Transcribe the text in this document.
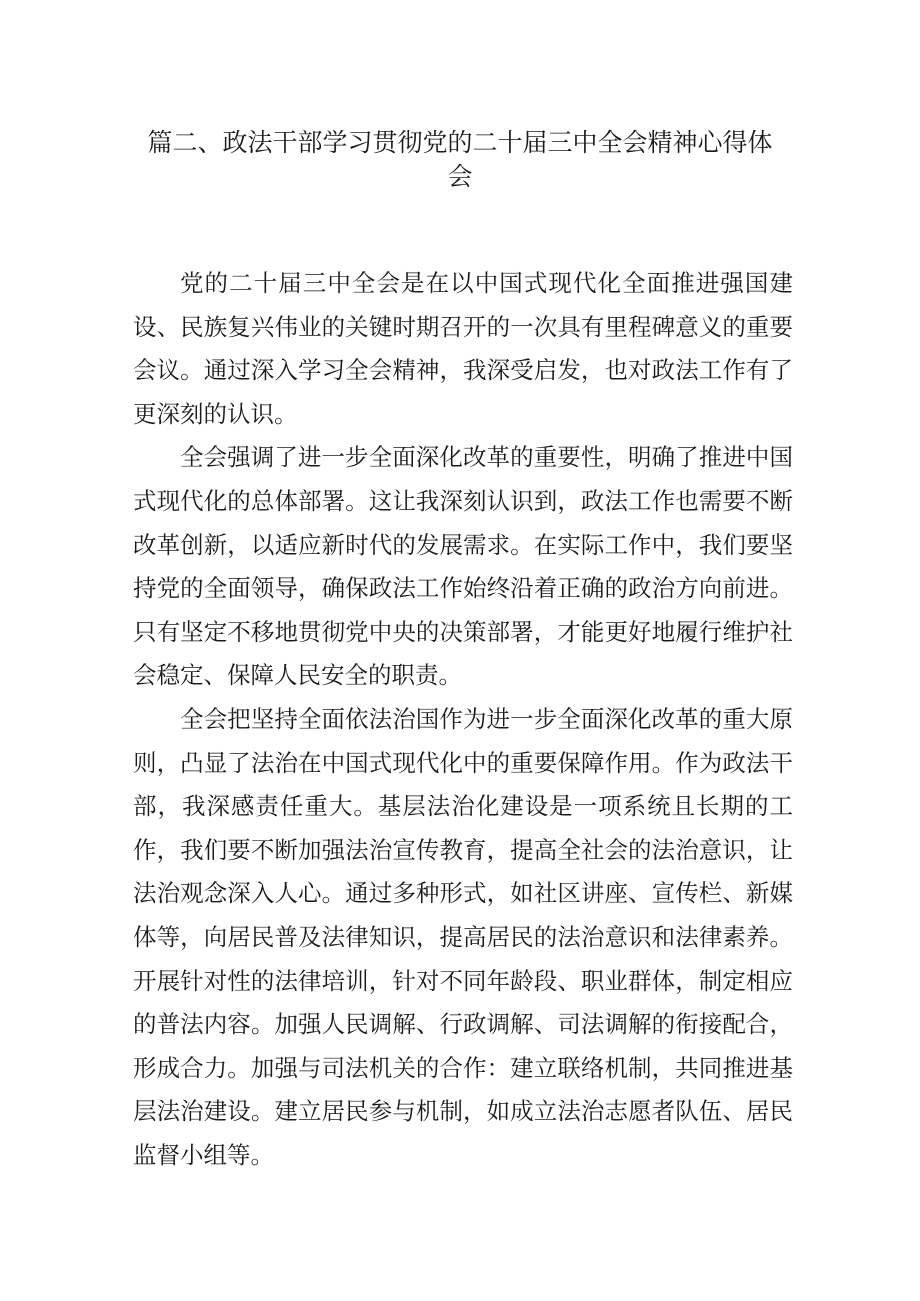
篇二、政法干部学习贯彻党的二十届三中全会精神心得体
会

党的二十届三中全会是在以中国式现代化全面推进强国建设、民族复兴伟业的关键时期召开的一次具有里程碑意义的重要会议。通过深入学习全会精神，我深受启发，也对政法工作有了更深刻的认识。

全会强调了进一步全面深化改革的重要性，明确了推进中国式现代化的总体部署。这让我深刻认识到，政法工作也需要不断改革创新，以适应新时代的发展需求。在实际工作中，我们要坚持党的全面领导，确保政法工作始终沿着正确的政治方向前进。只有坚定不移地贯彻党中央的决策部署，才能更好地履行维护社会稳定、保障人民安全的职责。

全会把坚持全面依法治国作为进一步全面深化改革的重大原则，凸显了法治在中国式现代化中的重要保障作用。作为政法干部，我深感责任重大。基层法治化建设是一项系统且长期的工作，我们要不断加强法治宣传教育，提高全社会的法治意识，让法治观念深入人心。通过多种形式，如社区讲座、宣传栏、新媒体等，向居民普及法律知识，提高居民的法治意识和法律素养。开展针对性的法律培训，针对不同年龄段、职业群体，制定相应的普法内容。加强人民调解、行政调解、司法调解的衔接配合，形成合力。加强与司法机关的合作：建立联络机制，共同推进基层法治建设。建立居民参与机制，如成立法治志愿者队伍、居民监督小组等。
